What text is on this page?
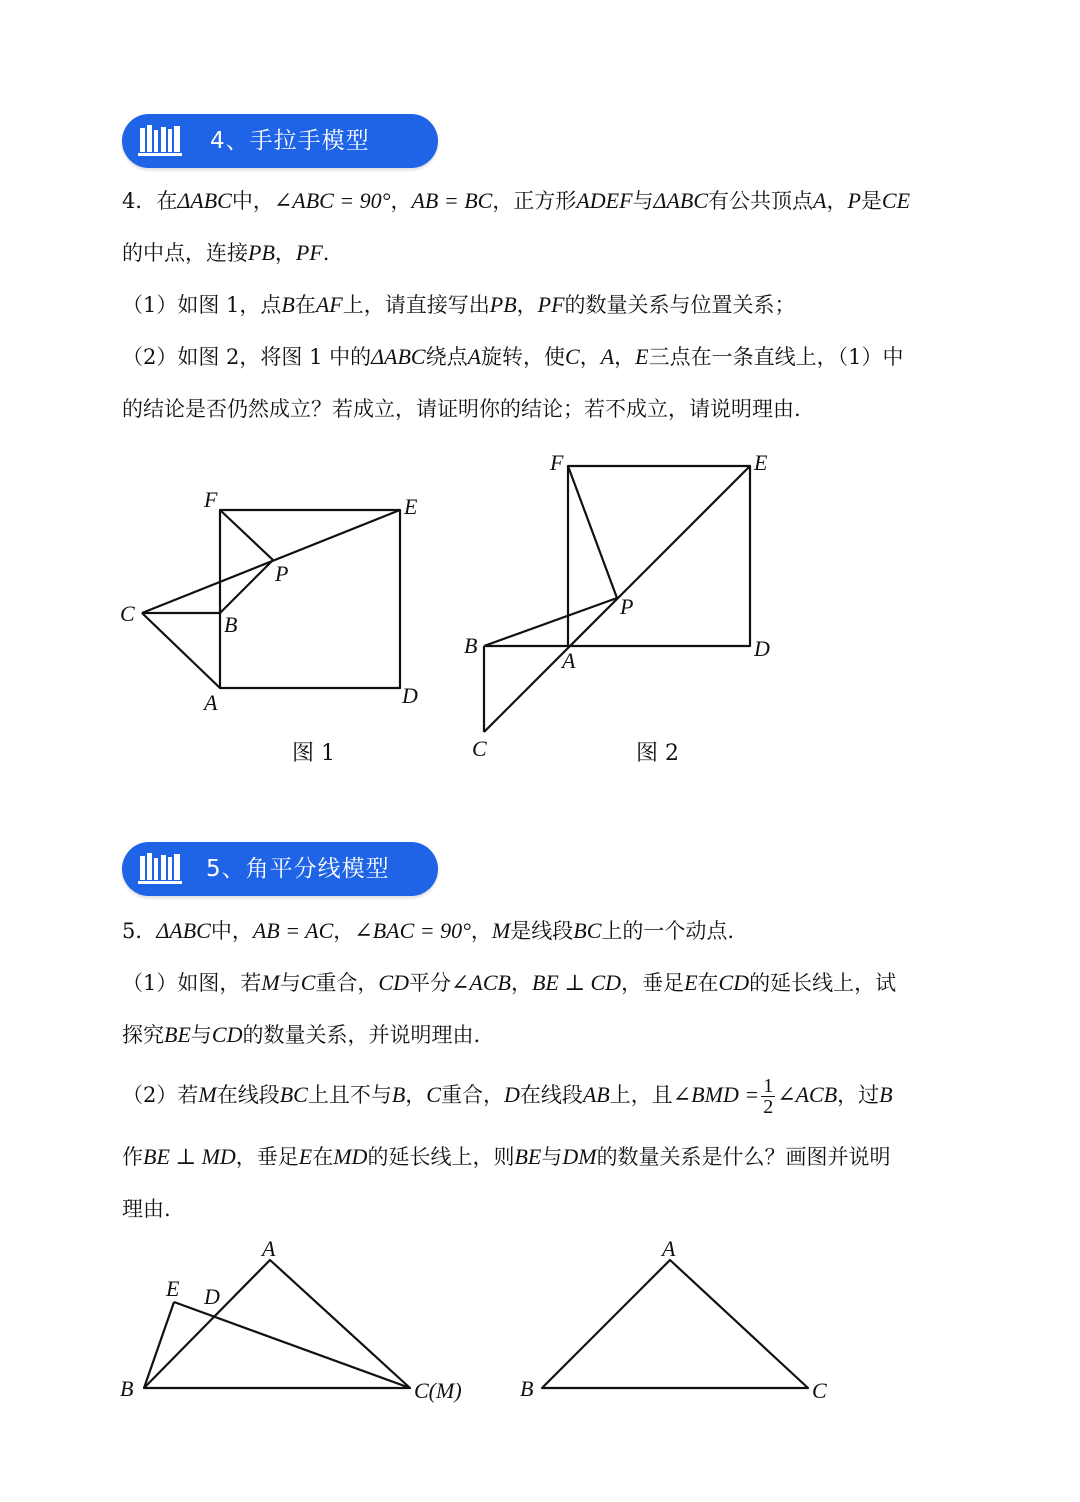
4、手拉手模型
4．在ΔABC中，∠ABC = 90°，AB = BC，正方形ADEF与ΔABC有公共顶点A，P是CE
的中点，连接PB，PF.
（1）如图 1，点B在AF上，请直接写出PB，PF的数量关系与位置关系；
（2）如图 2，将图 1 中的ΔABC绕点A旋转，使C，A，E三点在一条直线上，（1）中
的结论是否仍然成立？若成立，请证明你的结论；若不成立，请说明理由.
F	E
P
C	B
A	D
图 1
F	E
P
B
A	D
C	图 2
5、角平分线模型
5．ΔABC中，AB = AC，∠BAC = 90°，M是线段BC上的一个动点.
（1）如图，若M与C重合，CD平分∠ACB，BE ⊥ CD，垂足E在CD的延长线上，试
探究BE与CD的数量关系，并说明理由.
（2）若M在线段BC上且不与B，C重合，D在线段AB上，且∠BMD = $\frac{1}{2}$ ∠ACB，过B
作BE ⊥ MD，垂足E在MD的延长线上，则BE与DM的数量关系是什么？画图并说明
理由.
A
E D
B	C(M)
A
B	C
